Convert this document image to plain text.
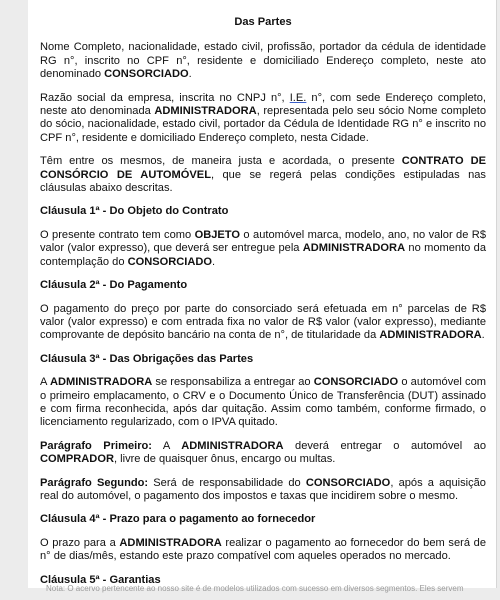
Das Partes

Nome Completo, nacionalidade, estado civil, profissão, portador da cédula de identidade RG n°, inscrito no CPF n°, residente e domiciliado Endereço completo, neste ato denominado CONSORCIADO.

Razão social da empresa, inscrita no CNPJ n°, I.E. n°, com sede Endereço completo, neste ato denominada ADMINISTRADORA, representada pelo seu sócio Nome completo do sócio, nacionalidade, estado civil, portador da Cédula de Identidade RG n° e inscrito no CPF n°, residente e domiciliado Endereço completo, nesta Cidade.

Têm entre os mesmos, de maneira justa e acordada, o presente CONTRATO DE CONSÓRCIO DE AUTOMÓVEL, que se regerá pelas condições estipuladas nas cláusulas abaixo descritas.

Cláusula 1ª - Do Objeto do Contrato

O presente contrato tem como OBJETO o automóvel marca, modelo, ano, no valor de R$ valor (valor expresso), que deverá ser entregue pela ADMINISTRADORA no momento da contemplação do CONSORCIADO.

Cláusula 2ª - Do Pagamento

O pagamento do preço por parte do consorciado será efetuada em n° parcelas de R$ valor (valor expresso) e com entrada fixa no valor de R$ valor (valor expresso), mediante comprovante de depósito bancário na conta de n°, de titularidade da ADMINISTRADORA.

Cláusula 3ª - Das Obrigações das Partes

A ADMINISTRADORA se responsabiliza a entregar ao CONSORCIADO o automóvel com o primeiro emplacamento, o CRV e o Documento Único de Transferência (DUT) assinado e com firma reconhecida, após dar quitação. Assim como também, conforme firmado, o licenciamento regularizado, com o IPVA quitado.

Parágrafo Primeiro: A ADMINISTRADORA deverá entregar o automóvel ao COMPRADOR, livre de quaisquer ônus, encargo ou multas.

Parágrafo Segundo: Será de responsabilidade do CONSORCIADO, após a aquisição real do automóvel, o pagamento dos impostos e taxas que incidirem sobre o mesmo.

Cláusula 4ª - Prazo para o pagamento ao fornecedor

O prazo para a ADMINISTRADORA realizar o pagamento ao fornecedor do bem será de n° de dias/mês, estando este prazo compatível com aqueles operados no mercado.

Cláusula 5ª - Garantias
Nota: O acervo pertencente ao nosso site é de modelos utilizados com sucesso em diversos segmentos. Eles servem
